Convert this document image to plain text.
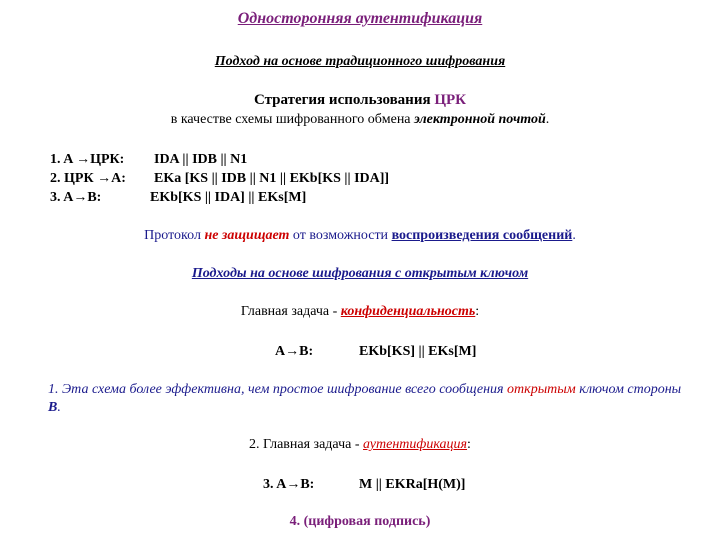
Односторонняя аутентификация
Подход на основе традиционного шифрования
Стратегия использования ЦРК
в качестве схемы шифрованного обмена электронной почтой.
1. A →ЦРК: IDA || IDB || N1
2. ЦРК →A: EKa [KS || IDB || N1 || EKb[KS || IDA]]
3. A→B:	EKb[KS || IDA] || EKs[M]
Протокол не защищает от возможности воспроизведения сообщений.
Подходы на основе шифрования с открытым ключом
Главная задача - конфиденциальность:
A→B:	EKb[KS] || EKs[M]
1. Эта схема более эффективна, чем простое шифрование всего сообщения открытым ключом стороны B.
2. Главная задача - аутентификация:
3. A→B:	M || EKRa[H(M)]
4. (цифровая подпись)
